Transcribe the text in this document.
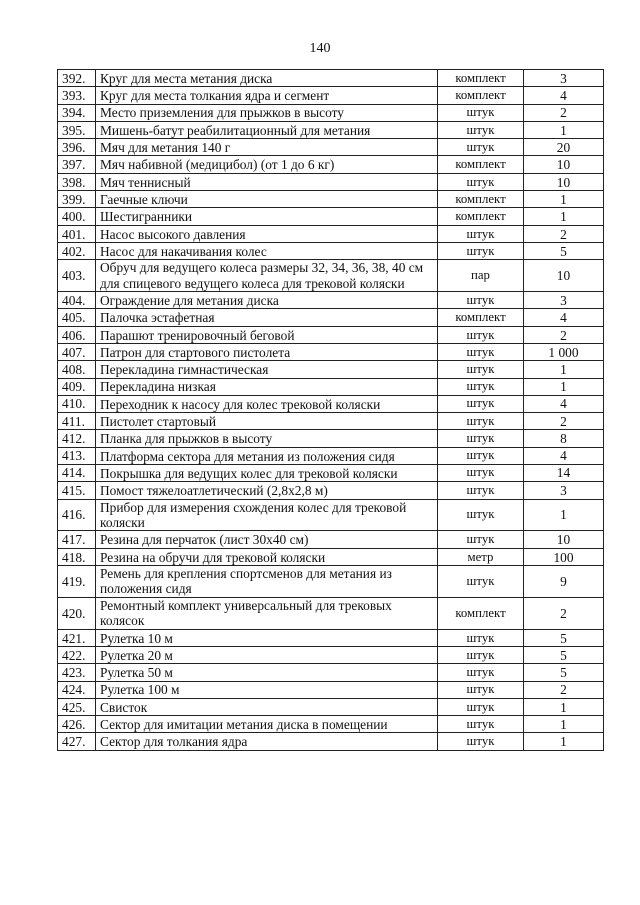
140
392.	Круг для места метания диска	комплект	3
393.	Круг для места толкания ядра и сегмент	комплект	4
394.	Место приземления для прыжков в высоту	штук	2
395.	Мишень-батут реабилитационный для метания	штук	1
396.	Мяч для метания 140 г	штук	20
397.	Мяч набивной (медицибол) (от 1 до 6 кг)	комплект	10
398.	Мяч теннисный	штук	10
399.	Гаечные ключи	комплект	1
400.	Шестигранники	комплект	1
401.	Насос высокого давления	штук	2
402.	Насос для накачивания колес	штук	5
403.	Обруч для ведущего колеса размеры 32, 34, 36, 38, 40 см для спицевого ведущего колеса для трековой коляски	пар	10
404.	Ограждение для метания диска	штук	3
405.	Палочка эстафетная	комплект	4
406.	Парашют тренировочный беговой	штук	2
407.	Патрон для стартового пистолета	штук	1 000
408.	Перекладина гимнастическая	штук	1
409.	Перекладина низкая	штук	1
410.	Переходник к насосу для колес трековой коляски	штук	4
411.	Пистолет стартовый	штук	2
412.	Планка для прыжков в высоту	штук	8
413.	Платформа сектора для метания из положения сидя	штук	4
414.	Покрышка для ведущих колес для трековой коляски	штук	14
415.	Помост тяжелоатлетический (2,8х2,8 м)	штук	3
416.	Прибор для измерения схождения колес для трековой коляски	штук	1
417.	Резина для перчаток (лист 30х40 см)	штук	10
418.	Резина на обручи для трековой коляски	метр	100
419.	Ремень для крепления спортсменов для метания из положения сидя	штук	9
420.	Ремонтный комплект универсальный для трековых колясок	комплект	2
421.	Рулетка 10 м	штук	5
422.	Рулетка 20 м	штук	5
423.	Рулетка 50 м	штук	5
424.	Рулетка 100 м	штук	2
425.	Свисток	штук	1
426.	Сектор для имитации метания диска в помещении	штук	1
427.	Сектор для толкания ядра	штук	1
